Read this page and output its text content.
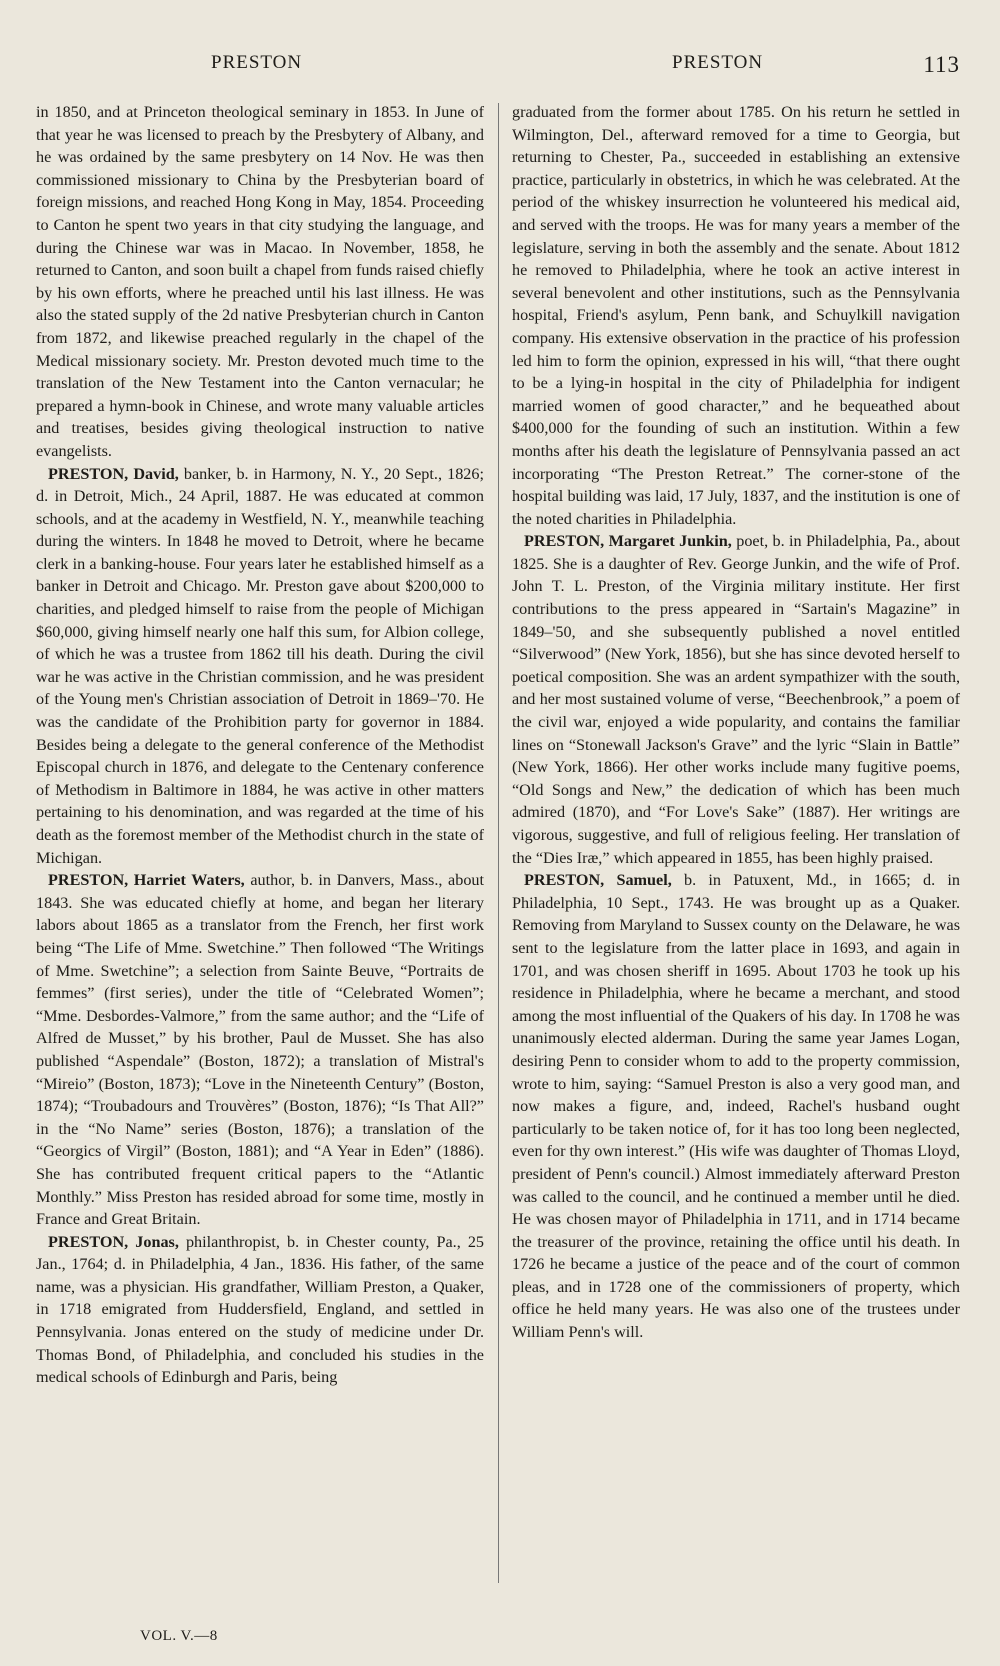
PRESTON	PRESTON	113

in 1850, and at Princeton theological seminary in 1853. In June of that year he was licensed to preach by the Presbytery of Albany, and he was ordained by the same presbytery on 14 Nov. He was then commissioned missionary to China by the Presbyterian board of foreign missions, and reached Hong Kong in May, 1854. Proceeding to Canton he spent two years in that city studying the language, and during the Chinese war was in Macao. In November, 1858, he returned to Canton, and soon built a chapel from funds raised chiefly by his own efforts, where he preached until his last illness. He was also the stated supply of the 2d native Presbyterian church in Canton from 1872, and likewise preached regularly in the chapel of the Medical missionary society. Mr. Preston devoted much time to the translation of the New Testament into the Canton vernacular; he prepared a hymn-book in Chinese, and wrote many valuable articles and treatises, besides giving theological instruction to native evangelists.

PRESTON, David, banker, b. in Harmony, N. Y., 20 Sept., 1826; d. in Detroit, Mich., 24 April, 1887. He was educated at common schools, and at the academy in Westfield, N. Y., meanwhile teaching during the winters. In 1848 he moved to Detroit, where he became clerk in a banking-house. Four years later he established himself as a banker in Detroit and Chicago. Mr. Preston gave about $200,000 to charities, and pledged himself to raise from the people of Michigan $60,000, giving himself nearly one half this sum, for Albion college, of which he was a trustee from 1862 till his death. During the civil war he was active in the Christian commission, and he was president of the Young men's Christian association of Detroit in 1869–'70. He was the candidate of the Prohibition party for governor in 1884. Besides being a delegate to the general conference of the Methodist Episcopal church in 1876, and delegate to the Centenary conference of Methodism in Baltimore in 1884, he was active in other matters pertaining to his denomination, and was regarded at the time of his death as the foremost member of the Methodist church in the state of Michigan.

PRESTON, Harriet Waters, author, b. in Danvers, Mass., about 1843. She was educated chiefly at home, and began her literary labors about 1865 as a translator from the French, her first work being “The Life of Mme. Swetchine.” Then followed “The Writings of Mme. Swetchine”; a selection from Sainte Beuve, “Portraits de femmes” (first series), under the title of “Celebrated Women”; “Mme. Desbordes-Valmore,” from the same author; and the “Life of Alfred de Musset,” by his brother, Paul de Musset. She has also published “Aspendale” (Boston, 1872); a translation of Mistral's “Mireio” (Boston, 1873); “Love in the Nineteenth Century” (Boston, 1874); “Troubadours and Trouvères” (Boston, 1876); “Is That All?” in the “No Name” series (Boston, 1876); a translation of the “Georgics of Virgil” (Boston, 1881); and “A Year in Eden” (1886). She has contributed frequent critical papers to the “Atlantic Monthly.” Miss Preston has resided abroad for some time, mostly in France and Great Britain.

PRESTON, Jonas, philanthropist, b. in Chester county, Pa., 25 Jan., 1764; d. in Philadelphia, 4 Jan., 1836. His father, of the same name, was a physician. His grandfather, William Preston, a Quaker, in 1718 emigrated from Huddersfield, England, and settled in Pennsylvania. Jonas entered on the study of medicine under Dr. Thomas Bond, of Philadelphia, and concluded his studies in the medical schools of Edinburgh and Paris, being

graduated from the former about 1785. On his return he settled in Wilmington, Del., afterward removed for a time to Georgia, but returning to Chester, Pa., succeeded in establishing an extensive practice, particularly in obstetrics, in which he was celebrated. At the period of the whiskey insurrection he volunteered his medical aid, and served with the troops. He was for many years a member of the legislature, serving in both the assembly and the senate. About 1812 he removed to Philadelphia, where he took an active interest in several benevolent and other institutions, such as the Pennsylvania hospital, Friend's asylum, Penn bank, and Schuylkill navigation company. His extensive observation in the practice of his profession led him to form the opinion, expressed in his will, “that there ought to be a lying-in hospital in the city of Philadelphia for indigent married women of good character,” and he bequeathed about $400,000 for the founding of such an institution. Within a few months after his death the legislature of Pennsylvania passed an act incorporating “The Preston Retreat.” The corner-stone of the hospital building was laid, 17 July, 1837, and the institution is one of the noted charities in Philadelphia.

PRESTON, Margaret Junkin, poet, b. in Philadelphia, Pa., about 1825. She is a daughter of Rev. George Junkin, and the wife of Prof. John T. L. Preston, of the Virginia military institute. Her first contributions to the press appeared in “Sartain's Magazine” in 1849–'50, and she subsequently published a novel entitled “Silverwood” (New York, 1856), but she has since devoted herself to poetical composition. She was an ardent sympathizer with the south, and her most sustained volume of verse, “Beechenbrook,” a poem of the civil war, enjoyed a wide popularity, and contains the familiar lines on “Stonewall Jackson's Grave” and the lyric “Slain in Battle” (New York, 1866). Her other works include many fugitive poems, “Old Songs and New,” the dedication of which has been much admired (1870), and “For Love's Sake” (1887). Her writings are vigorous, suggestive, and full of religious feeling. Her translation of the “Dies Iræ,” which appeared in 1855, has been highly praised.

PRESTON, Samuel, b. in Patuxent, Md., in 1665; d. in Philadelphia, 10 Sept., 1743. He was brought up as a Quaker. Removing from Maryland to Sussex county on the Delaware, he was sent to the legislature from the latter place in 1693, and again in 1701, and was chosen sheriff in 1695. About 1703 he took up his residence in Philadelphia, where he became a merchant, and stood among the most influential of the Quakers of his day. In 1708 he was unanimously elected alderman. During the same year James Logan, desiring Penn to consider whom to add to the property commission, wrote to him, saying: “Samuel Preston is also a very good man, and now makes a figure, and, indeed, Rachel's husband ought particularly to be taken notice of, for it has too long been neglected, even for thy own interest.” (His wife was daughter of Thomas Lloyd, president of Penn's council.) Almost immediately afterward Preston was called to the council, and he continued a member until he died. He was chosen mayor of Philadelphia in 1711, and in 1714 became the treasurer of the province, retaining the office until his death. In 1726 he became a justice of the peace and of the court of common pleas, and in 1728 one of the commissioners of property, which office he held many years. He was also one of the trustees under William Penn's will.

VOL. V.—8
